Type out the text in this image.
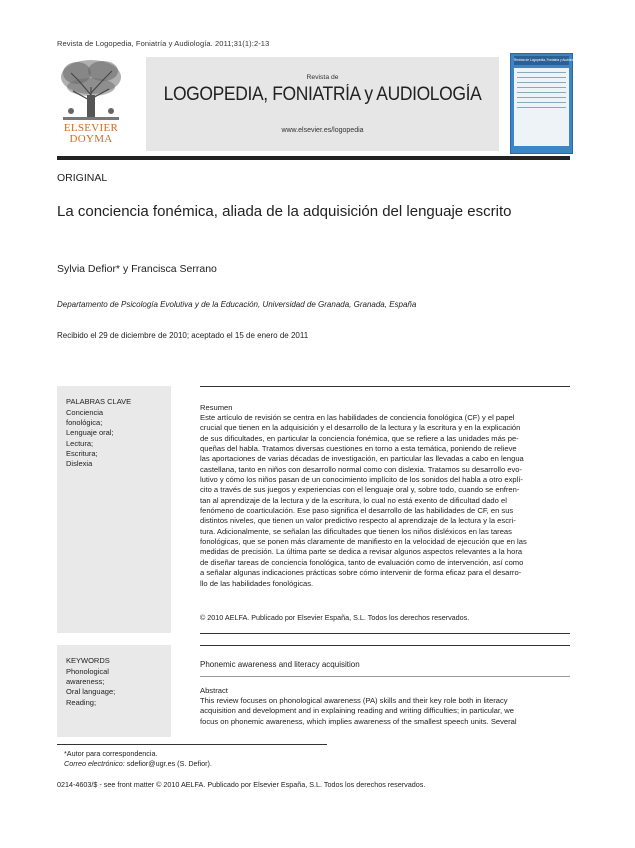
Revista de Logopedia, Foniatría y Audiología. 2011;31(1):2-13
ELSEVIER
DOYMA
Revista de
LOGOPEDIA, FONIATRÍA y AUDIOLOGÍA
www.elsevier.es/logopedia
Revista de Logopedia, Foniatría y Audiología
ORIGINAL
La conciencia fonémica, aliada de la adquisición del lenguaje escrito
Sylvia Defior* y Francisca Serrano
Departamento de Psicología Evolutiva y de la Educación, Universidad de Granada, Granada, España
Recibido el 29 de diciembre de 2010; aceptado el 15 de enero de 2011
PALABRAS CLAVE
Conciencia
fonológica;
Lenguaje oral;
Lectura;
Escritura;
Dislexia
Resumen
Este artículo de revisión se centra en las habilidades de conciencia fonológica (CF) y el papel
crucial que tienen en la adquisición y el desarrollo de la lectura y la escritura y en la explicación
de sus dificultades, en particular la conciencia fonémica, que se refiere a las unidades más pe-
queñas del habla. Tratamos diversas cuestiones en torno a esta temática, poniendo de relieve
las aportaciones de varias décadas de investigación, en particular las llevadas a cabo en lengua
castellana, tanto en niños con desarrollo normal como con dislexia. Tratamos su desarrollo evo-
lutivo y cómo los niños pasan de un conocimiento implícito de los sonidos del habla a otro explí-
cito a través de sus juegos y experiencias con el lenguaje oral y, sobre todo, cuando se enfren-
tan al aprendizaje de la lectura y de la escritura, lo cual no está exento de dificultad dado el
fenómeno de coarticulación. Ese paso significa el desarrollo de las habilidades de CF, en sus
distintos niveles, que tienen un valor predictivo respecto al aprendizaje de la lectura y la escri-
tura. Adicionalmente, se señalan las dificultades que tienen los niños disléxicos en las tareas
fonológicas, que se ponen más claramente de manifiesto en la velocidad de ejecución que en las
medidas de precisión. La última parte se dedica a revisar algunos aspectos relevantes a la hora
de diseñar tareas de conciencia fonológica, tanto de evaluación como de intervención, así como
a señalar algunas indicaciones prácticas sobre cómo intervenir de forma eficaz para el desarro-
llo de las habilidades fonológicas.
© 2010 AELFA. Publicado por Elsevier España, S.L. Todos los derechos reservados.
KEYWORDS
Phonological
awareness;
Oral language;
Reading;
Phonemic awareness and literacy acquisition
Abstract
This review focuses on phonological awareness (PA) skills and their key role both in literacy
acquisition and development and in explaining reading and writing difficulties; in particular, we
focus on phonemic awareness, which implies awareness of the smallest speech units. Several
*Autor para correspondencia.
Correo electrónico: sdefior@ugr.es (S. Defior).
0214-4603/$ - see front matter © 2010 AELFA. Publicado por Elsevier España, S.L. Todos los derechos reservados.
